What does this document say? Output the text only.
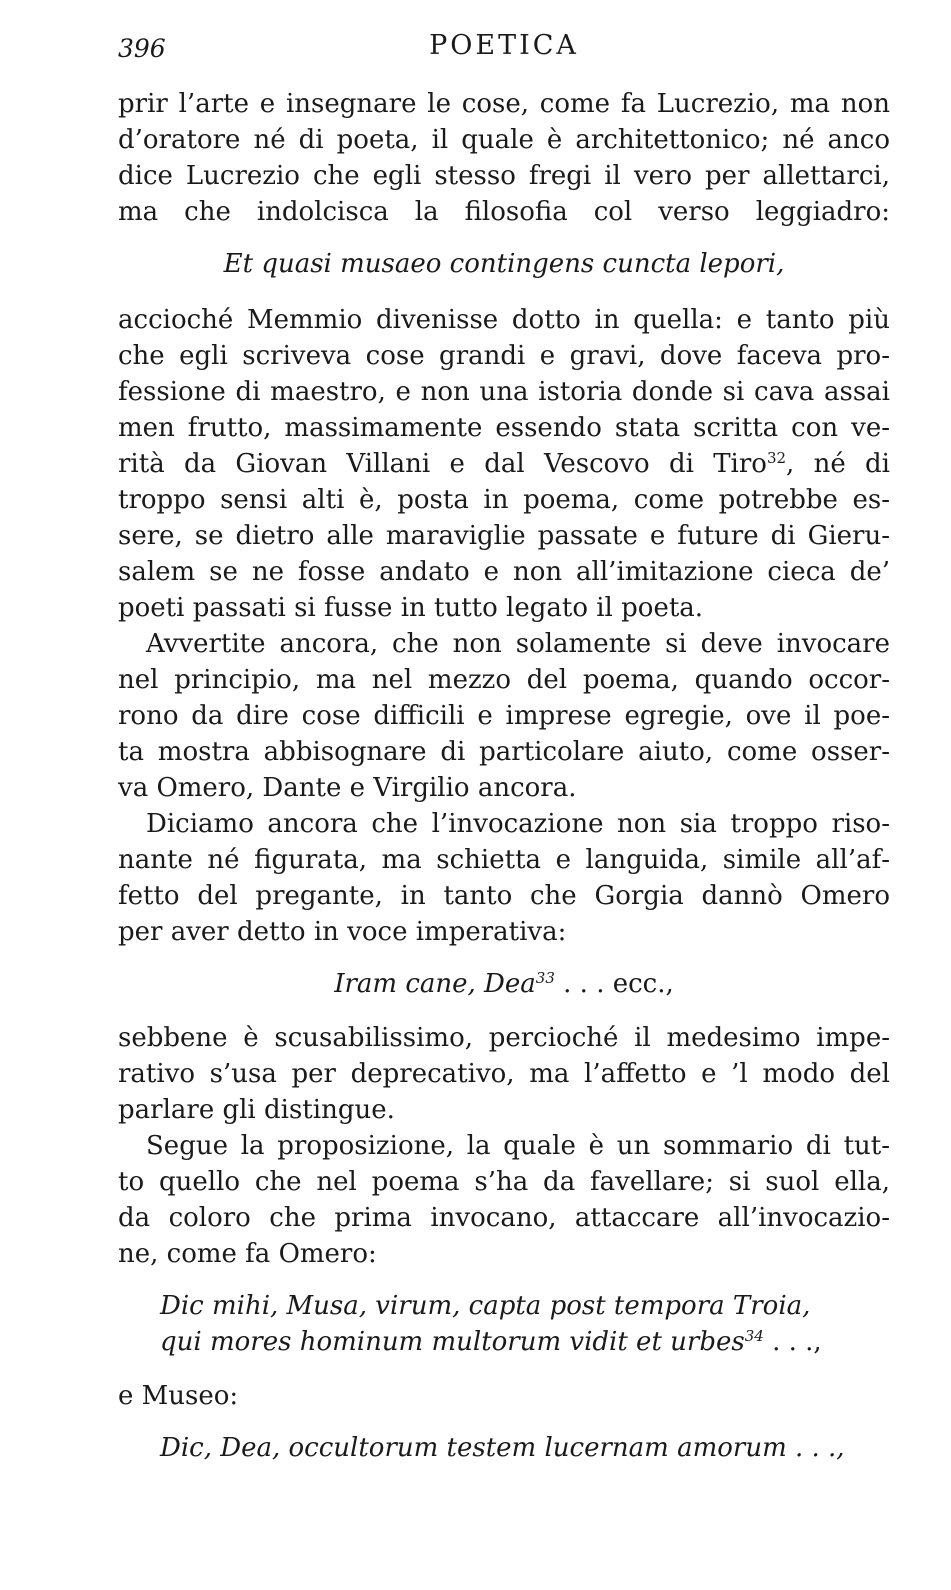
396	POETICA
prir l’arte e insegnare le cose, come fa Lucrezio, ma non
d’oratore né di poeta, il quale è architettonico; né anco
dice Lucrezio che egli stesso fregi il vero per allettarci,
ma che indolcisca la filosofia col verso leggiadro:
Et quasi musaeo contingens cuncta lepori,
accioché Memmio divenisse dotto in quella: e tanto più
che egli scriveva cose grandi e gravi, dove faceva pro‐
fessione di maestro, e non una istoria donde si cava assai
men frutto, massimamente essendo stata scritta con ve‐
rità da Giovan Villani e dal Vescovo di Tiro$^{32}$, né di
troppo sensi alti è, posta in poema, come potrebbe es‐
sere, se dietro alle maraviglie passate e future di Gieru‐
salem se ne fosse andato e non all’imitazione cieca de’
poeti passati si fusse in tutto legato il poeta.
Avvertite ancora, che non solamente si deve invocare
nel principio, ma nel mezzo del poema, quando occor‐
rono da dire cose difficili e imprese egregie, ove il poe‐
ta mostra abbisognare di particolare aiuto, come osser‐
va Omero, Dante e Virgilio ancora.
Diciamo ancora che l’invocazione non sia troppo riso‐
nante né figurata, ma schietta e languida, simile all’af‐
fetto del pregante, in tanto che Gorgia dannò Omero
per aver detto in voce imperativa:
Iram cane, Dea$^{33}$ . . . ecc.,
sebbene è scusabilissimo, percioché il medesimo impe‐
rativo s’usa per deprecativo, ma l’affetto e ’l modo del
parlare gli distingue.
Segue la proposizione, la quale è un sommario di tut‐
to quello che nel poema s’ha da favellare; si suol ella,
da coloro che prima invocano, attaccare all’invocazio‐
ne, come fa Omero:
Dic mihi, Musa, virum, capta post tempora Troia,
qui mores hominum multorum vidit et urbes$^{34}$ . . .,
e Museo:
Dic, Dea, occultorum testem lucernam amorum . . .,
